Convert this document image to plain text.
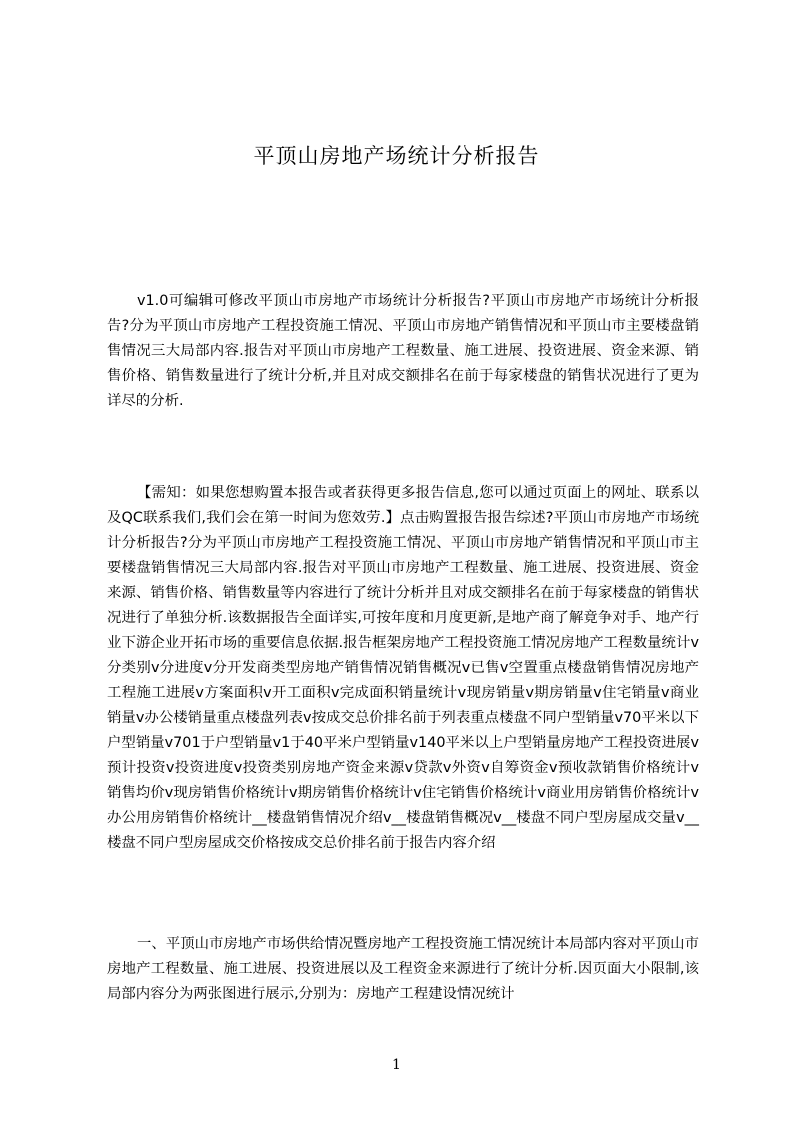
平顶山房地产场统计分析报告

v1.0可编辑可修改平顶山市房地产市场统计分析报告?平顶山市房地产市场统计分析报告?分为平顶山市房地产工程投资施工情况、平顶山市房地产销售情况和平顶山市主要楼盘销售情况三大局部内容.报告对平顶山市房地产工程数量、施工进展、投资进展、资金来源、销售价格、销售数量进行了统计分析,并且对成交额排名在前于每家楼盘的销售状况进行了更为详尽的分析.

【需知：如果您想购置本报告或者获得更多报告信息,您可以通过页面上的网址、联系以及QC联系我们,我们会在第一时间为您效劳.】点击购置报告报告综述?平顶山市房地产市场统计分析报告?分为平顶山市房地产工程投资施工情况、平顶山市房地产销售情况和平顶山市主要楼盘销售情况三大局部内容.报告对平顶山市房地产工程数量、施工进展、投资进展、资金来源、销售价格、销售数量等内容进行了统计分析并且对成交额排名在前于每家楼盘的销售状况进行了单独分析.该数据报告全面详实,可按年度和月度更新,是地产商了解竟争对手、地产行业下游企业开拓市场的重要信息依据.报告框架房地产工程投资施工情况房地产工程数量统计v分类别v分进度v分开发商类型房地产销售情况销售概况v已售v空置重点楼盘销售情况房地产工程施工进展v方案面积v开工面积v完成面积销量统计v现房销量v期房销量v住宅销量v商业销量v办公楼销量重点楼盘列表v按成交总价排名前于列表重点楼盘不同户型销量v70平米以下户型销量v701于户型销量v1于40平米户型销量v140平米以上户型销量房地产工程投资进展v预计投资v投资进度v投资类别房地产资金来源v贷款v外资v自筹资金v预收款销售价格统计v销售均价v现房销售价格统计v期房销售价格统计v住宅销售价格统计v商业用房销售价格统计v办公用房销售价格统计__楼盘销售情况介绍v__楼盘销售概况v__楼盘不同户型房屋成交量v__楼盘不同户型房屋成交价格按成交总价排名前于报告内容介绍

一、平顶山市房地产市场供给情况暨房地产工程投资施工情况统计本局部内容对平顶山市房地产工程数量、施工进展、投资进展以及工程资金来源进行了统计分析.因页面大小限制,该局部内容分为两张图进行展示,分别为：房地产工程建设情况统计

1
